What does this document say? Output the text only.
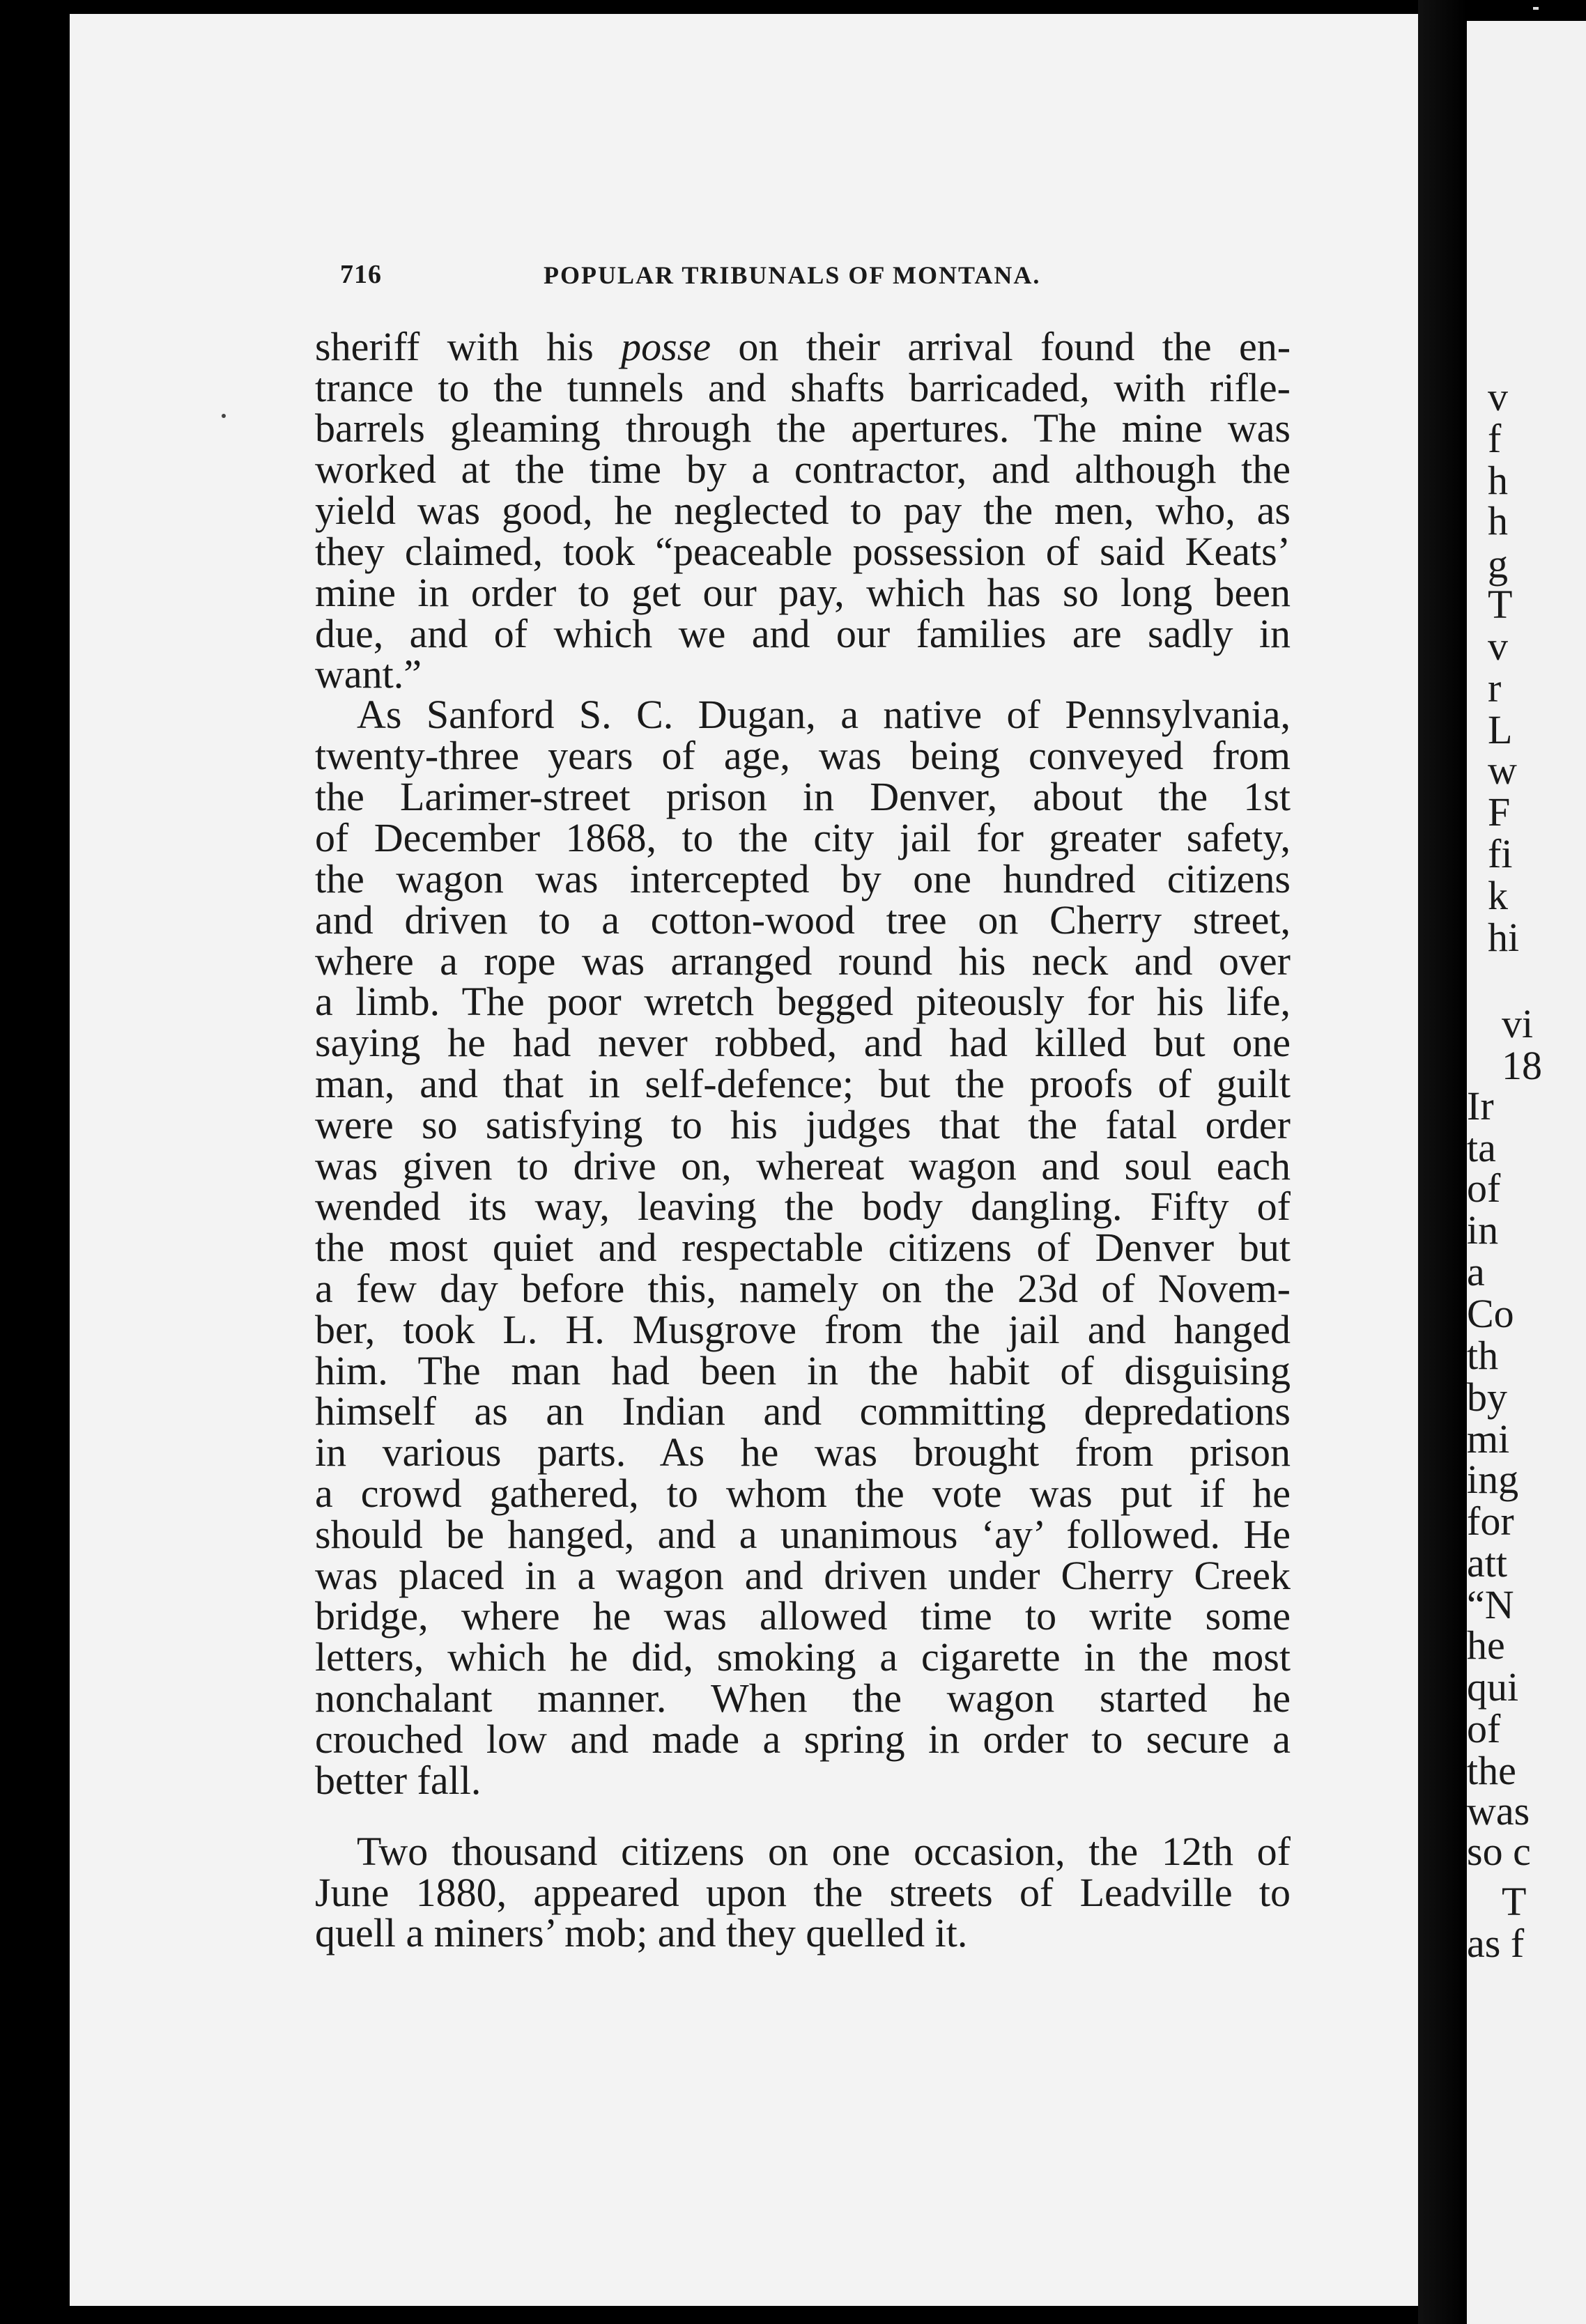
716	POPULAR TRIBUNALS OF MONTANA.
sheriff with his posse on their arrival found the en-
trance to the tunnels and shafts barricaded, with rifle-
barrels gleaming through the apertures. The mine was
worked at the time by a contractor, and although the
yield was good, he neglected to pay the men, who, as
they claimed, took “peaceable possession of said Keats’
mine in order to get our pay, which has so long been
due, and of which we and our families are sadly in
want.”
As Sanford S. C. Dugan, a native of Pennsylvania,
twenty-three years of age, was being conveyed from
the Larimer-street prison in Denver, about the 1st
of December 1868, to the city jail for greater safety,
the wagon was intercepted by one hundred citizens
and driven to a cotton-wood tree on Cherry street,
where a rope was arranged round his neck and over
a limb. The poor wretch begged piteously for his life,
saying he had never robbed, and had killed but one
man, and that in self-defence; but the proofs of guilt
were so satisfying to his judges that the fatal order
was given to drive on, whereat wagon and soul each
wended its way, leaving the body dangling. Fifty of
the most quiet and respectable citizens of Denver but
a few day before this, namely on the 23d of Novem-
ber, took L. H. Musgrove from the jail and hanged
him. The man had been in the habit of disguising
himself as an Indian and committing depredations
in various parts. As he was brought from prison
a crowd gathered, to whom the vote was put if he
should be hanged, and a unanimous ‘ay’ followed. He
was placed in a wagon and driven under Cherry Creek
bridge, where he was allowed time to write some
letters, which he did, smoking a cigarette in the most
nonchalant manner. When the wagon started he
crouched low and made a spring in order to secure a
better fall.
Two thousand citizens on one occasion, the 12th of
June 1880, appeared upon the streets of Leadville to
quell a miners’ mob; and they quelled it.
v
f
h
h
g
T
v
r
L
w
F
fi
k
hi
vi
18
Ir
ta
of
in
a
Co
th
by
mi
ing
for
att
“N
he
qui
of
the
was
so c
T
as f
